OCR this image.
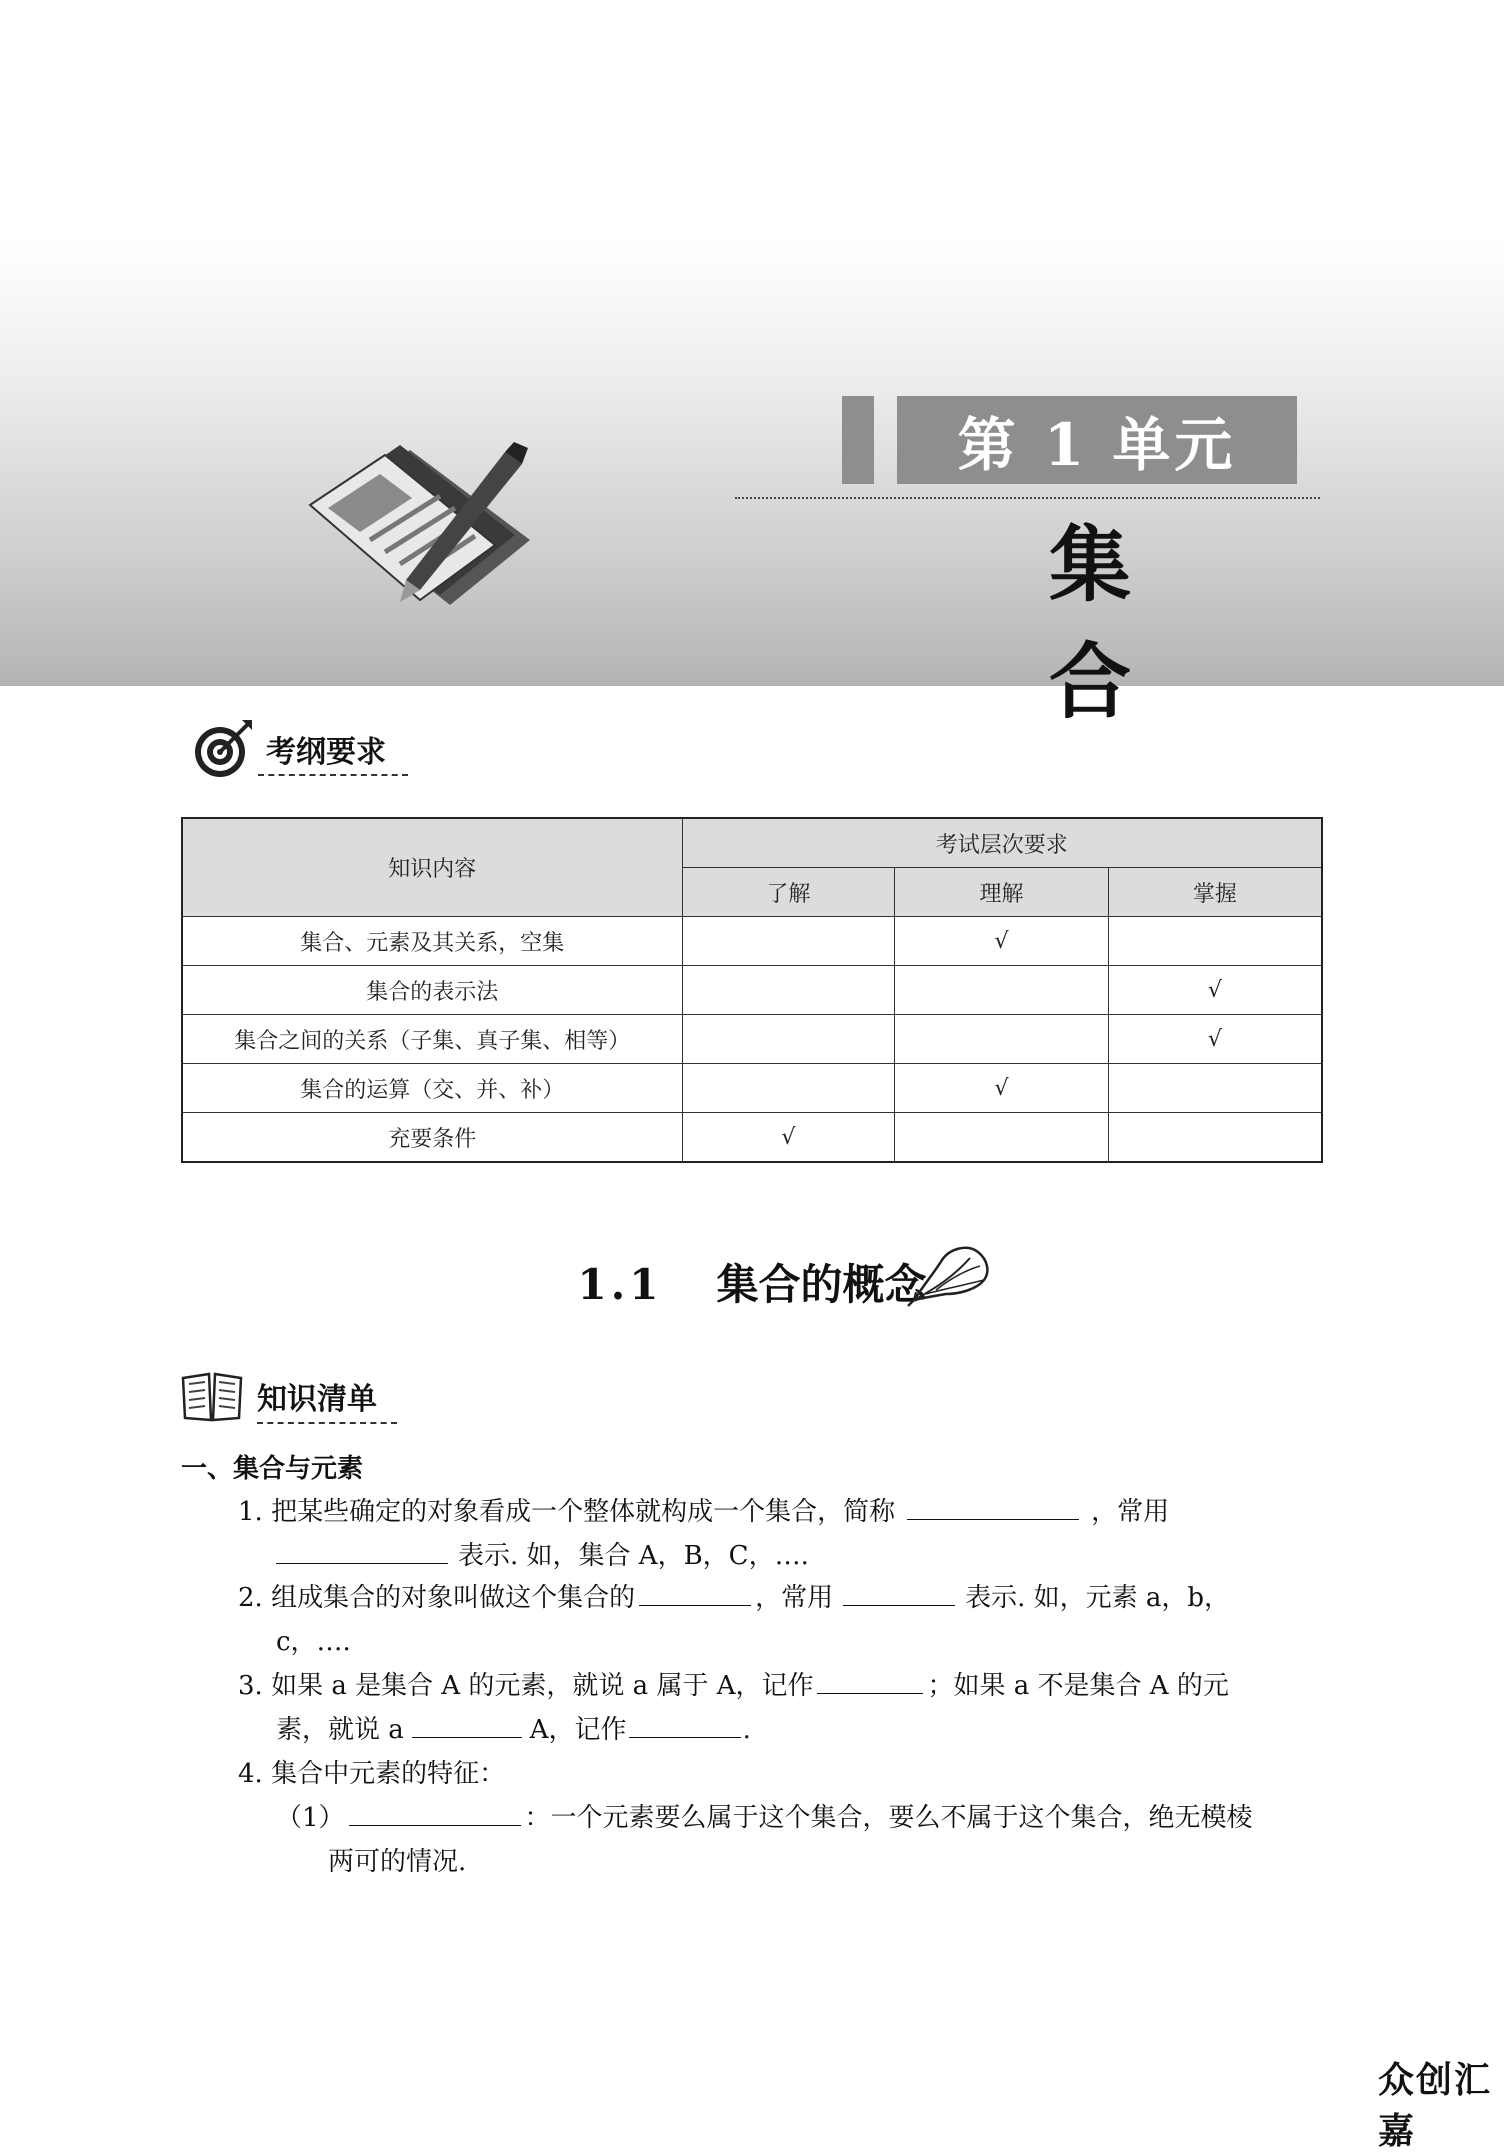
第 1 单元
集 合
考纲要求
知识内容	考试层次要求		
	了解	理解	掌握
集合、元素及其关系，空集		√	
集合的表示法			√
集合之间的关系（子集、真子集、相等）			√
集合的运算（交、并、补）		√	
充要条件	√		
1.1 集合的概念
知识清单
一、集合与元素
1. 把某些确定的对象看成一个整体就构成一个集合，简称	，常用
表示. 如，集合 A，B，C，….
2. 组成集合的对象叫做这个集合的	，常用	表示. 如，元素 a，b，
c，….
3. 如果 a 是集合 A 的元素，就说 a 属于 A，记作	；如果 a 不是集合 A 的元
素，就说 a	A，记作	.
4. 集合中元素的特征：
（1）	：一个元素要么属于这个集合，要么不属于这个集合，绝无模棱
两可的情况.
众创汇嘉
